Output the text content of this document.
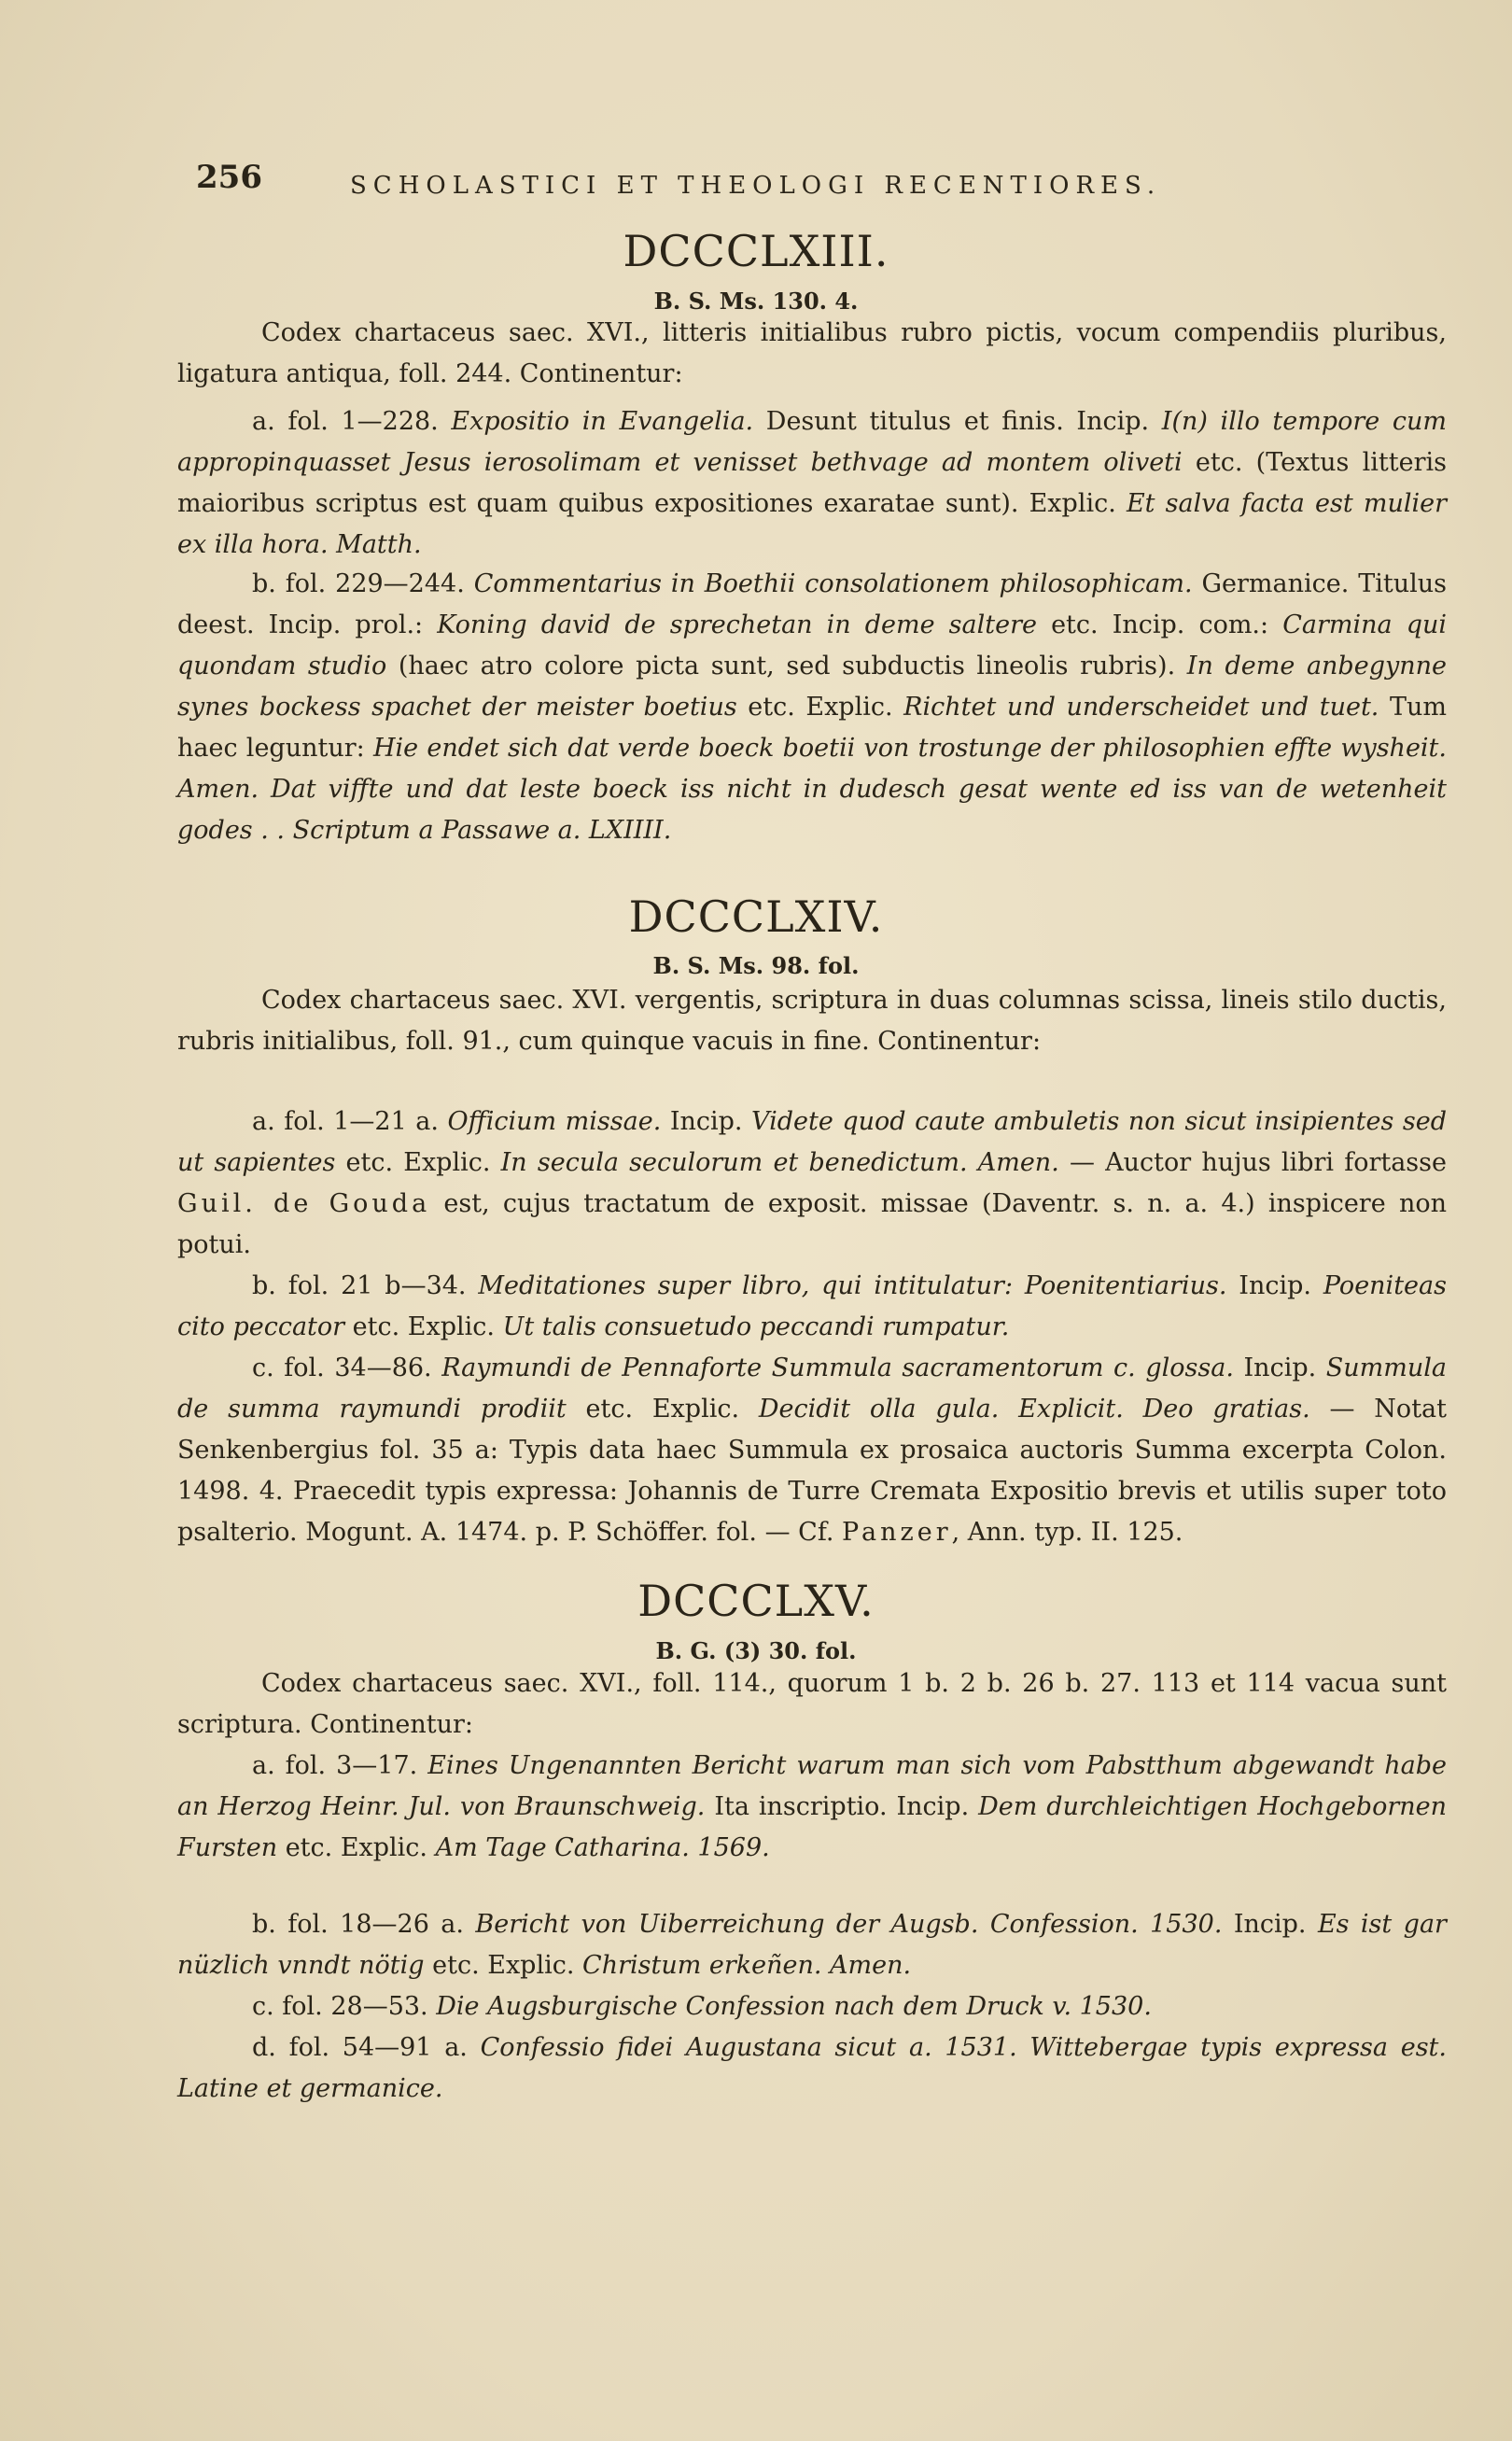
256	SCHOLASTICI ET THEOLOGI RECENTIORES.
DCCCLXIII.
B. S. Ms. 130. 4.
Codex chartaceus saec. XVI., litteris initialibus rubro pictis, vocum compendiis pluribus, ligatura antiqua, foll. 244. Continentur:
a. fol. 1—228. Expositio in Evangelia. Desunt titulus et finis. Incip. I(n) illo tempore cum appropinquasset Jesus ierosolimam et venisset bethvage ad montem oliveti etc. (Textus litteris maioribus scriptus est quam quibus expositiones exaratae sunt). Explic. Et salva facta est mulier ex illa hora. Matth.
b. fol. 229—244. Commentarius in Boethii consolationem philosophicam. Germanice. Titulus deest. Incip. prol.: Koning david de sprechetan in deme saltere etc. Incip. com.: Carmina qui quondam studio (haec atro colore picta sunt, sed subductis lineolis rubris). In deme anbegynne synes bockess spachet der meister boetius etc. Explic. Richtet und underscheidet und tuet. Tum haec leguntur: Hie endet sich dat verde boeck boetii von trostunge der philosophien effte wysheit. Amen. Dat viffte und dat leste boeck iss nicht in dudesch gesat wente ed iss van de wetenheit godes . . Scriptum a Passawe a. LXIIII.
DCCCLXIV.
B. S. Ms. 98. fol.
Codex chartaceus saec. XVI. vergentis, scriptura in duas columnas scissa, lineis stilo ductis, rubris initialibus, foll. 91., cum quinque vacuis in fine. Continentur:
a. fol. 1—21 a. Officium missae. Incip. Videte quod caute ambuletis non sicut insipientes sed ut sapientes etc. Explic. In secula seculorum et benedictum. Amen. — Auctor hujus libri fortasse Guil. de Gouda est, cujus tractatum de exposit. missae (Daventr. s. n. a. 4.) inspicere non potui.
b. fol. 21 b—34. Meditationes super libro, qui intitulatur: Poenitentiarius. Incip. Poeniteas cito peccator etc. Explic. Ut talis consuetudo peccandi rumpatur.
c. fol. 34—86. Raymundi de Pennaforte Summula sacramentorum c. glossa. Incip. Summula de summa raymundi prodiit etc. Explic. Decidit olla gula. Explicit. Deo gratias. — Notat Senkenbergius fol. 35 a: Typis data haec Summula ex prosaica auctoris Summa excerpta Colon. 1498. 4. Praecedit typis expressa: Johannis de Turre Cremata Expositio brevis et utilis super toto psalterio. Mogunt. A. 1474. p. P. Schöffer. fol. — Cf. Panzer, Ann. typ. II. 125.
DCCCLXV.
B. G. (3) 30. fol.
Codex chartaceus saec. XVI., foll. 114., quorum 1 b. 2 b. 26 b. 27. 113 et 114 vacua sunt scriptura. Continentur:
a. fol. 3—17. Eines Ungenannten Bericht warum man sich vom Pabstthum abgewandt habe an Herzog Heinr. Jul. von Braunschweig. Ita inscriptio. Incip. Dem durchleichtigen Hochgebornen Fursten etc. Explic. Am Tage Catharina. 1569.
b. fol. 18—26 a. Bericht von Uiberreichung der Augsb. Confession. 1530. Incip. Es ist gar nüzlich vnndt nötig etc. Explic. Christum erkeñen. Amen.
c. fol. 28—53. Die Augsburgische Confession nach dem Druck v. 1530.
d. fol. 54—91 a. Confessio fidei Augustana sicut a. 1531. Wittebergae typis expressa est. Latine et germanice.
